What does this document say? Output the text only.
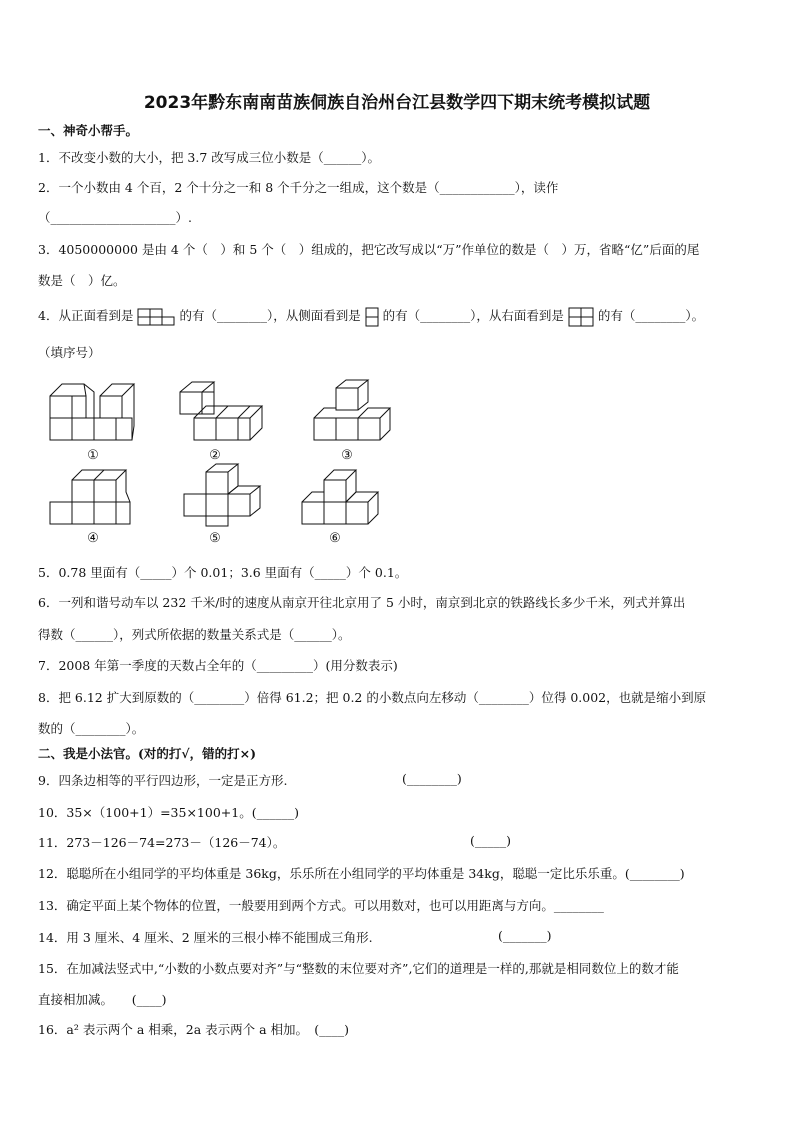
2023年黔东南南苗族侗族自治州台江县数学四下期末统考模拟试题
一、神奇小帮手。
1．不改变小数的大小，把 3.7 改写成三位小数是（______）。
2．一个小数由 4 个百，2 个十分之一和 8 个千分之一组成，这个数是（____________），读作
（____________________）.
3．4050000000 是由 4 个（　）和 5 个（　）组成的，把它改写成以“万”作单位的数是（　）万，省略“亿”后面的尾
数是（　）亿。
4．从正面看到是	的有（________），从侧面看到是 的有（________），从右面看到是	的有（________）。
（填序号）
①	②	③
④	⑤	⑥
5．0.78 里面有（_____）个 0.01；3.6 里面有（_____）个 0.1。
6．一列和谐号动车以 232 千米/时的速度从南京开往北京用了 5 小时，南京到北京的铁路线长多少千米，列式并算出
得数（______），列式所依据的数量关系式是（______）。
7．2008 年第一季度的天数占全年的（_________）(用分数表示)
8．把 6.12 扩大到原数的（________）倍得 61.2；把 0.2 的小数点向左移动（________）位得 0.002，也就是缩小到原
数的（________）。
二、我是小法官。(对的打√，错的打×)
9．四条边相等的平行四边形，一定是正方形.	(________)
10．35×（100+1）=35×100+1。(______)
11．273－126－74=273－（126－74）。	(_____)
12．聪聪所在小组同学的平均体重是 36kg，乐乐所在小组同学的平均体重是 34kg，聪聪一定比乐乐重。(________)
13．确定平面上某个物体的位置，一般要用到两个方式。可以用数对，也可以用距离与方向。________
14．用 3 厘米、4 厘米、2 厘米的三根小棒不能围成三角形.	(_______)
15．在加减法竖式中,“小数的小数点要对齐”与“整数的末位要对齐”,它们的道理是一样的,那就是相同数位上的数才能
直接相加减。　　(____)
16．a² 表示两个 a 相乘，2a 表示两个 a 相加。　(____)
